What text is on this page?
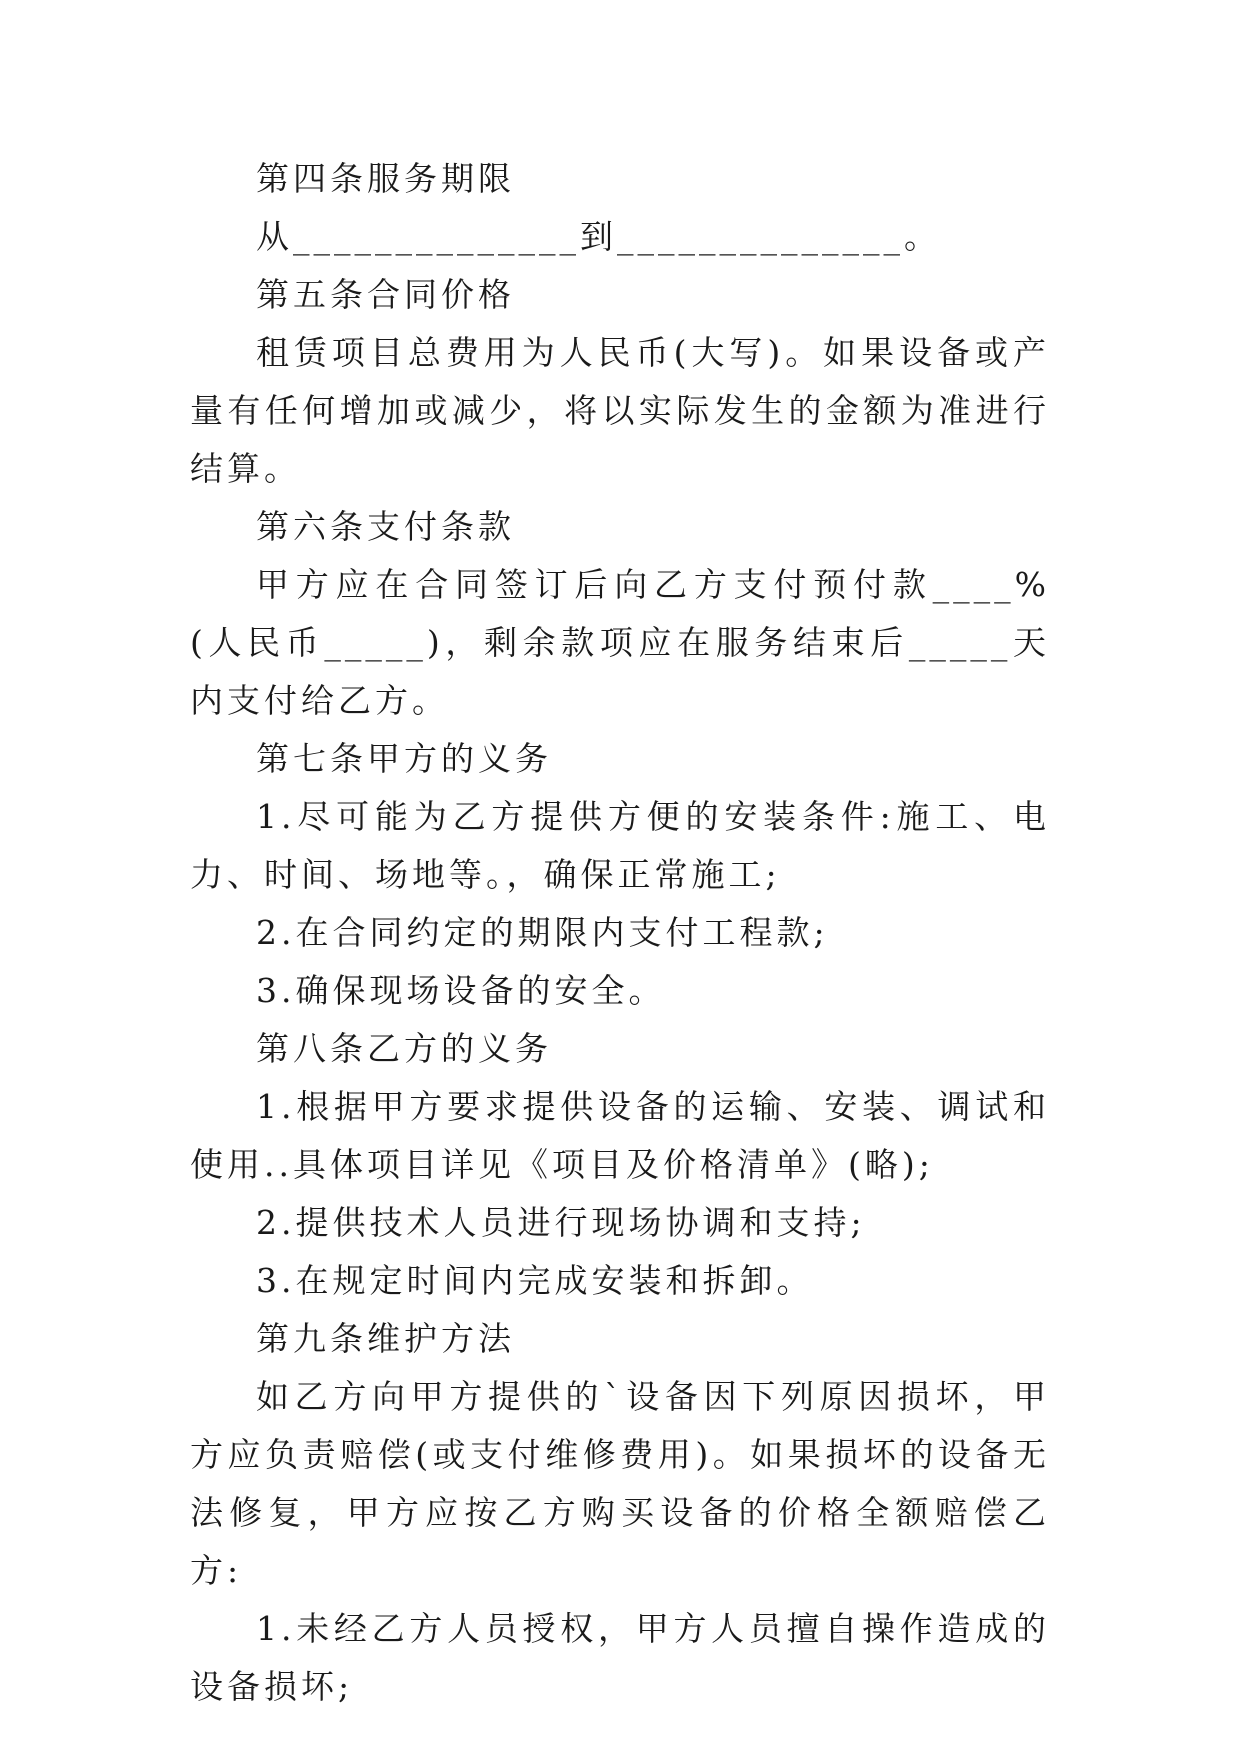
第四条服务期限

从______________到______________。

第五条合同价格

租赁项目总费用为人民币(大写)。如果设备或产量有任何增加或减少，将以实际发生的金额为准进行结算。

第六条支付条款

甲方应在合同签订后向乙方支付预付款____%(人民币_____)，剩余款项应在服务结束后_____天内支付给乙方。

第七条甲方的义务

1.尽可能为乙方提供方便的安装条件:施工、电力、时间、场地等。，确保正常施工;

2.在合同约定的期限内支付工程款;

3.确保现场设备的安全。

第八条乙方的义务

1.根据甲方要求提供设备的运输、安装、调试和使用..具体项目详见《项目及价格清单》(略);

2.提供技术人员进行现场协调和支持;

3.在规定时间内完成安装和拆卸。

第九条维护方法

如乙方向甲方提供的`设备因下列原因损坏，甲方应负责赔偿(或支付维修费用)。如果损坏的设备无法修复，甲方应按乙方购买设备的价格全额赔偿乙方:

1.未经乙方人员授权，甲方人员擅自操作造成的设备损坏;
